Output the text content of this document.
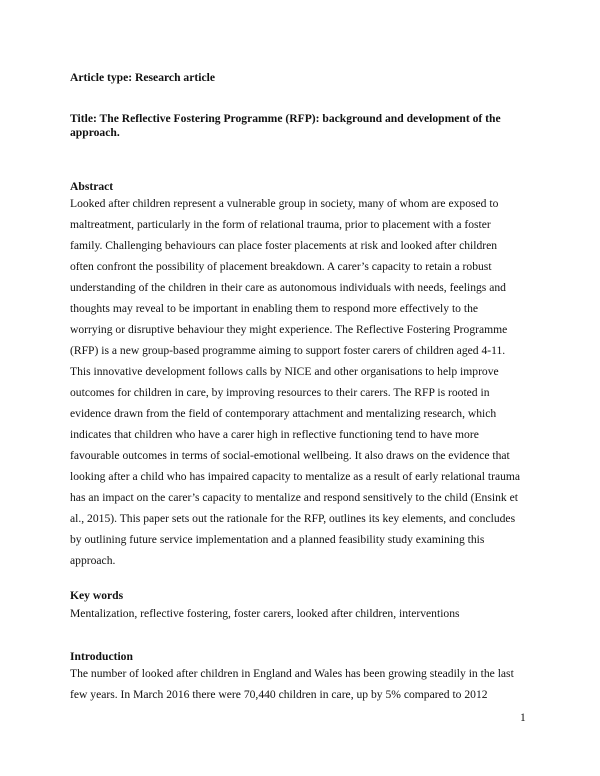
Article type: Research article
Title: The Reflective Fostering Programme (RFP): background and development of the
approach.
Abstract
Looked after children represent a vulnerable group in society, many of whom are exposed to
maltreatment, particularly in the form of relational trauma, prior to placement with a foster
family. Challenging behaviours can place foster placements at risk and looked after children
often confront the possibility of placement breakdown. A carer’s capacity to retain a robust
understanding of the children in their care as autonomous individuals with needs, feelings and
thoughts may reveal to be important in enabling them to respond more effectively to the
worrying or disruptive behaviour they might experience. The Reflective Fostering Programme
(RFP) is a new group-based programme aiming to support foster carers of children aged 4-11.
This innovative development follows calls by NICE and other organisations to help improve
outcomes for children in care, by improving resources to their carers. The RFP is rooted in
evidence drawn from the field of contemporary attachment and mentalizing research, which
indicates that children who have a carer high in reflective functioning tend to have more
favourable outcomes in terms of social-emotional wellbeing. It also draws on the evidence that
looking after a child who has impaired capacity to mentalize as a result of early relational trauma
has an impact on the carer’s capacity to mentalize and respond sensitively to the child (Ensink et
al., 2015). This paper sets out the rationale for the RFP, outlines its key elements, and concludes
by outlining future service implementation and a planned feasibility study examining this
approach.
Key words
Mentalization, reflective fostering, foster carers, looked after children, interventions
Introduction
The number of looked after children in England and Wales has been growing steadily in the last
few years. In March 2016 there were 70,440 children in care, up by 5% compared to 2012
1
